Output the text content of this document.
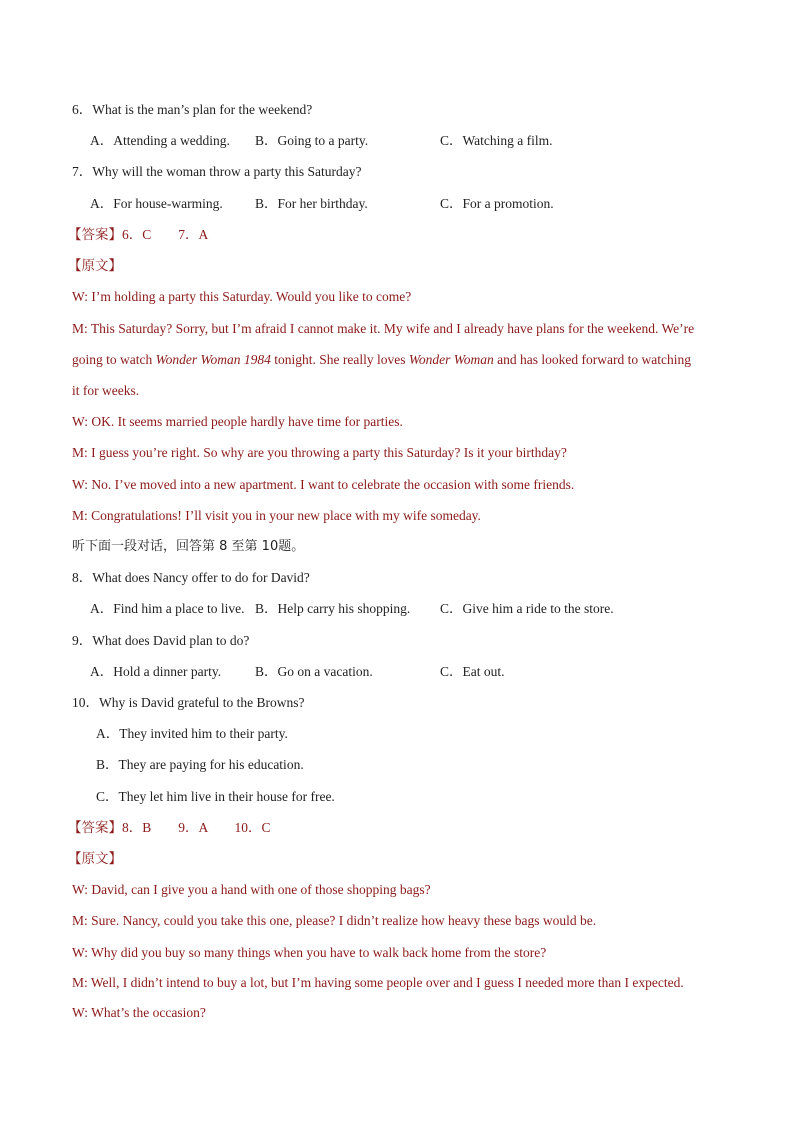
6．What is the man’s plan for the weekend?
A．Attending a wedding. B．Going to a party.	C．Watching a film.
7．Why will the woman throw a party this Saturday?
A．For house-warming. B．For her birthday.	C．For a promotion.
【答案】6．C　　7．A
【原文】
W: I’m holding a party this Saturday. Would you like to come?
M: This Saturday? Sorry, but I’m afraid I cannot make it. My wife and I already have plans for the weekend. We’re
going to watch Wonder Woman 1984 tonight. She really loves Wonder Woman and has looked forward to watching
it for weeks.
W: OK. It seems married people hardly have time for parties.
M: I guess you’re right. So why are you throwing a party this Saturday? Is it your birthday?
W: No. I’ve moved into a new apartment. I want to celebrate the occasion with some friends.
M: Congratulations! I’ll visit you in your new place with my wife someday.
听下面一段对话，回答第 8 至第 10题。
8．What does Nancy offer to do for David?
A．Find him a place to live. B．Help carry his shopping. C．Give him a ride to the store.
9．What does David plan to do?
A．Hold a dinner party.	B．Go on a vacation.	C．Eat out.
10．Why is David grateful to the Browns?
A．They invited him to their party.
B．They are paying for his education.
C．They let him live in their house for free.
【答案】8．B　　9．A　　10．C
【原文】
W: David, can I give you a hand with one of those shopping bags?
M: Sure. Nancy, could you take this one, please? I didn’t realize how heavy these bags would be.
W: Why did you buy so many things when you have to walk back home from the store?
M: Well, I didn’t intend to buy a lot, but I’m having some people over and I guess I needed more than I expected.
W: What’s the occasion?
